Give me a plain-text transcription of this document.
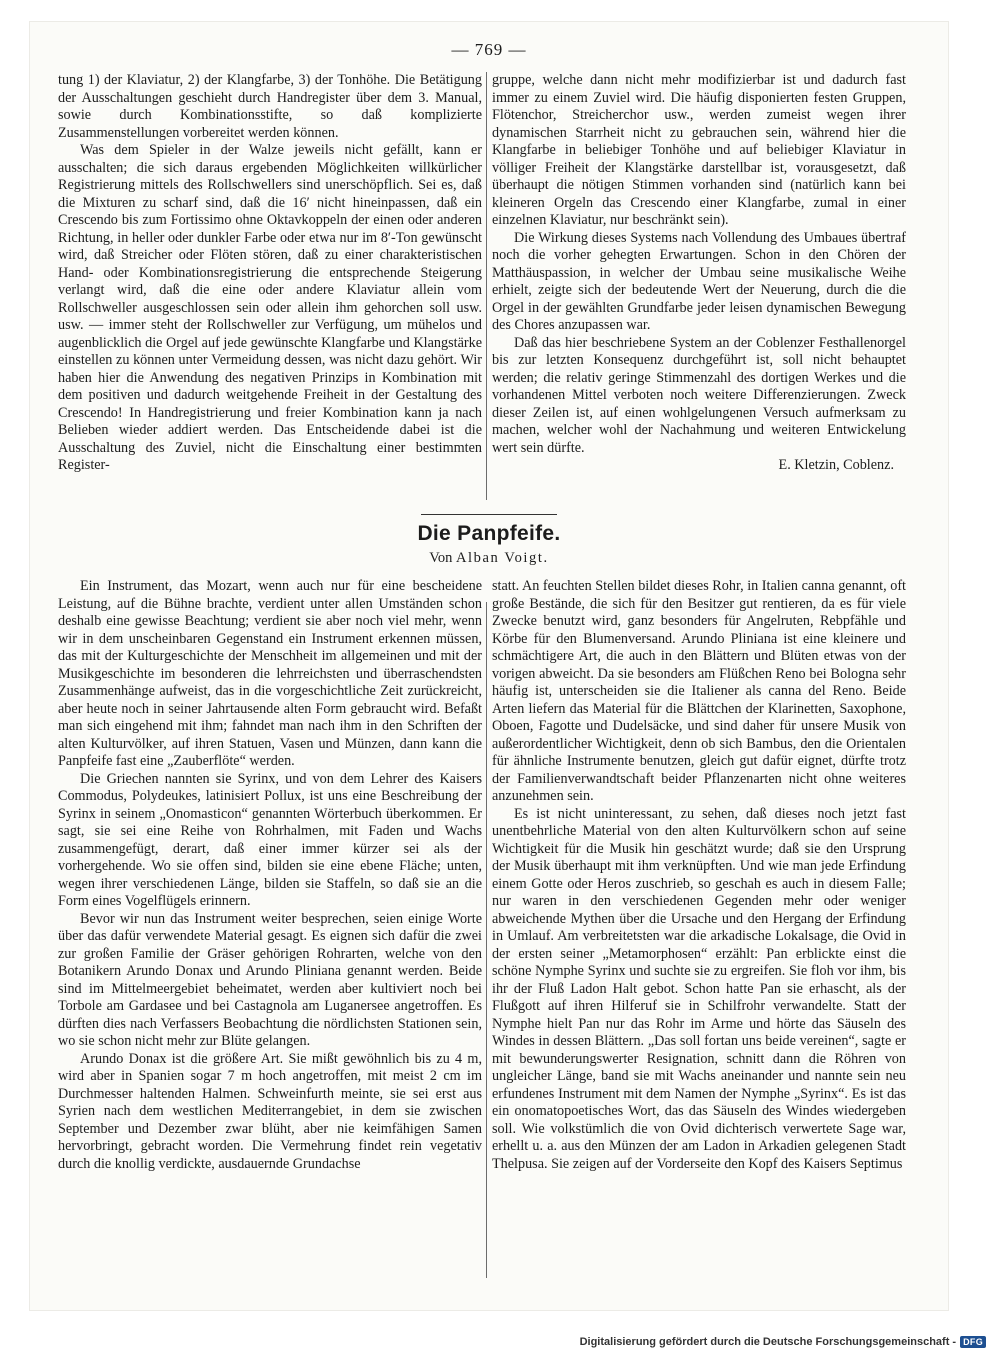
— 769 —

tung 1) der Klaviatur, 2) der Klangfarbe, 3) der Tonhöhe. Die Betätigung der Ausschaltungen geschieht durch Handregister über dem 3. Manual, sowie durch Kombinationsstifte, so daß komplizierte Zusammenstellungen vorbereitet werden können.

Was dem Spieler in der Walze jeweils nicht gefällt, kann er ausschalten; die sich daraus ergebenden Möglichkeiten willkürlicher Registrierung mittels des Rollschwellers sind unerschöpflich. Sei es, daß die Mixturen zu scharf sind, daß die 16′ nicht hineinpassen, daß ein Crescendo bis zum Fortissimo ohne Oktavkoppeln der einen oder anderen Richtung, in heller oder dunkler Farbe oder etwa nur im 8′-Ton gewünscht wird, daß Streicher oder Flöten stören, daß zu einer charakteristischen Hand- oder Kombinationsregistrierung die entsprechende Steigerung verlangt wird, daß die eine oder andere Klaviatur allein vom Rollschweller ausgeschlossen sein oder allein ihm gehorchen soll usw. usw. — immer steht der Rollschweller zur Verfügung, um mühelos und augenblicklich die Orgel auf jede gewünschte Klangfarbe und Klangstärke einstellen zu können unter Vermeidung dessen, was nicht dazu gehört. Wir haben hier die Anwendung des negativen Prinzips in Kombination mit dem positiven und dadurch weitgehende Freiheit in der Gestaltung des Crescendo! In Handregistrierung und freier Kombination kann ja nach Belieben wieder addiert werden. Das Entscheidende dabei ist die Ausschaltung des Zuviel, nicht die Einschaltung einer bestimmten Register-

gruppe, welche dann nicht mehr modifizierbar ist und dadurch fast immer zu einem Zuviel wird. Die häufig disponierten festen Gruppen, Flötenchor, Streicherchor usw., werden zumeist wegen ihrer dynamischen Starrheit nicht zu gebrauchen sein, während hier die Klangfarbe in beliebiger Tonhöhe und auf beliebiger Klaviatur in völliger Freiheit der Klangstärke darstellbar ist, vorausgesetzt, daß überhaupt die nötigen Stimmen vorhanden sind (natürlich kann bei kleineren Orgeln das Crescendo einer Klangfarbe, zumal in einer einzelnen Klaviatur, nur beschränkt sein).

Die Wirkung dieses Systems nach Vollendung des Umbaues übertraf noch die vorher gehegten Erwartungen. Schon in den Chören der Matthäuspassion, in welcher der Umbau seine musikalische Weihe erhielt, zeigte sich der bedeutende Wert der Neuerung, durch die die Orgel in der gewählten Grundfarbe jeder leisen dynamischen Bewegung des Chores anzupassen war.

Daß das hier beschriebene System an der Coblenzer Festhallenorgel bis zur letzten Konsequenz durchgeführt ist, soll nicht behauptet werden; die relativ geringe Stimmenzahl des dortigen Werkes und die vorhandenen Mittel verboten noch weitere Differenzierungen. Zweck dieser Zeilen ist, auf einen wohlgelungenen Versuch aufmerksam zu machen, welcher wohl der Nachahmung und weiteren Entwickelung wert sein dürfte.

E. Kletzin, Coblenz.

Die Panpfeife.
Von Alban Voigt.

Ein Instrument, das Mozart, wenn auch nur für eine bescheidene Leistung, auf die Bühne brachte, verdient unter allen Umständen schon deshalb eine gewisse Beachtung; verdient sie aber noch viel mehr, wenn wir in dem unscheinbaren Gegenstand ein Instrument erkennen müssen, das mit der Kulturgeschichte der Menschheit im allgemeinen und mit der Musikgeschichte im besonderen die lehrreichsten und überraschendsten Zusammenhänge aufweist, das in die vorgeschichtliche Zeit zurückreicht, aber heute noch in seiner Jahrtausende alten Form gebraucht wird. Befaßt man sich eingehend mit ihm; fahndet man nach ihm in den Schriften der alten Kulturvölker, auf ihren Statuen, Vasen und Münzen, dann kann die Panpfeife fast eine „Zauberflöte“ werden.

Die Griechen nannten sie Syrinx, und von dem Lehrer des Kaisers Commodus, Polydeukes, latinisiert Pollux, ist uns eine Beschreibung der Syrinx in seinem „Onomasticon“ genannten Wörterbuch überkommen. Er sagt, sie sei eine Reihe von Rohrhalmen, mit Faden und Wachs zusammengefügt, derart, daß einer immer kürzer sei als der vorhergehende. Wo sie offen sind, bilden sie eine ebene Fläche; unten, wegen ihrer verschiedenen Länge, bilden sie Staffeln, so daß sie an die Form eines Vogelflügels erinnern.

Bevor wir nun das Instrument weiter besprechen, seien einige Worte über das dafür verwendete Material gesagt. Es eignen sich dafür die zwei zur großen Familie der Gräser gehörigen Rohrarten, welche von den Botanikern Arundo Donax und Arundo Pliniana genannt werden. Beide sind im Mittelmeergebiet beheimatet, werden aber kultiviert noch bei Torbole am Gardasee und bei Castagnola am Luganersee angetroffen. Es dürften dies nach Verfassers Beobachtung die nördlichsten Stationen sein, wo sie schon nicht mehr zur Blüte gelangen.

Arundo Donax ist die größere Art. Sie mißt gewöhnlich bis zu 4 m, wird aber in Spanien sogar 7 m hoch angetroffen, mit meist 2 cm im Durchmesser haltenden Halmen. Schweinfurth meinte, sie sei erst aus Syrien nach dem westlichen Mediterrangebiet, in dem sie zwischen September und Dezember zwar blüht, aber nie keimfähigen Samen hervorbringt, gebracht worden. Die Vermehrung findet rein vegetativ durch die knollig verdickte, ausdauernde Grundachse

statt. An feuchten Stellen bildet dieses Rohr, in Italien canna genannt, oft große Bestände, die sich für den Besitzer gut rentieren, da es für viele Zwecke benutzt wird, ganz besonders für Angelruten, Rebpfähle und Körbe für den Blumenversand. Arundo Pliniana ist eine kleinere und schmächtigere Art, die auch in den Blättern und Blüten etwas von der vorigen abweicht. Da sie besonders am Flüßchen Reno bei Bologna sehr häufig ist, unterscheiden sie die Italiener als canna del Reno. Beide Arten liefern das Material für die Blättchen der Klarinetten, Saxophone, Oboen, Fagotte und Dudelsäcke, und sind daher für unsere Musik von außerordentlicher Wichtigkeit, denn ob sich Bambus, den die Orientalen für ähnliche Instrumente benutzen, gleich gut dafür eignet, dürfte trotz der Familienverwandtschaft beider Pflanzenarten nicht ohne weiteres anzunehmen sein.

Es ist nicht uninteressant, zu sehen, daß dieses noch jetzt fast unentbehrliche Material von den alten Kulturvölkern schon auf seine Wichtigkeit für die Musik hin geschätzt wurde; daß sie den Ursprung der Musik überhaupt mit ihm verknüpften. Und wie man jede Erfindung einem Gotte oder Heros zuschrieb, so geschah es auch in diesem Falle; nur waren in den verschiedenen Gegenden mehr oder weniger abweichende Mythen über die Ursache und den Hergang der Erfindung in Umlauf. Am verbreitetsten war die arkadische Lokalsage, die Ovid in der ersten seiner „Metamorphosen“ erzählt: Pan erblickte einst die schöne Nymphe Syrinx und suchte sie zu ergreifen. Sie floh vor ihm, bis ihr der Fluß Ladon Halt gebot. Schon hatte Pan sie erhascht, als der Flußgott auf ihren Hilferuf sie in Schilfrohr verwandelte. Statt der Nymphe hielt Pan nur das Rohr im Arme und hörte das Säuseln des Windes in dessen Blättern. „Das soll fortan uns beide vereinen“, sagte er mit bewunderungswerter Resignation, schnitt dann die Röhren von ungleicher Länge, band sie mit Wachs aneinander und nannte sein neu erfundenes Instrument mit dem Namen der Nymphe „Syrinx“. Es ist das ein onomatopoetisches Wort, das das Säuseln des Windes wiedergeben soll. Wie volkstümlich die von Ovid dichterisch verwertete Sage war, erhellt u. a. aus den Münzen der am Ladon in Arkadien gelegenen Stadt Thelpusa. Sie zeigen auf der Vorderseite den Kopf des Kaisers Septimus

Digitalisierung gefördert durch die Deutsche Forschungsgemeinschaft - DFG
